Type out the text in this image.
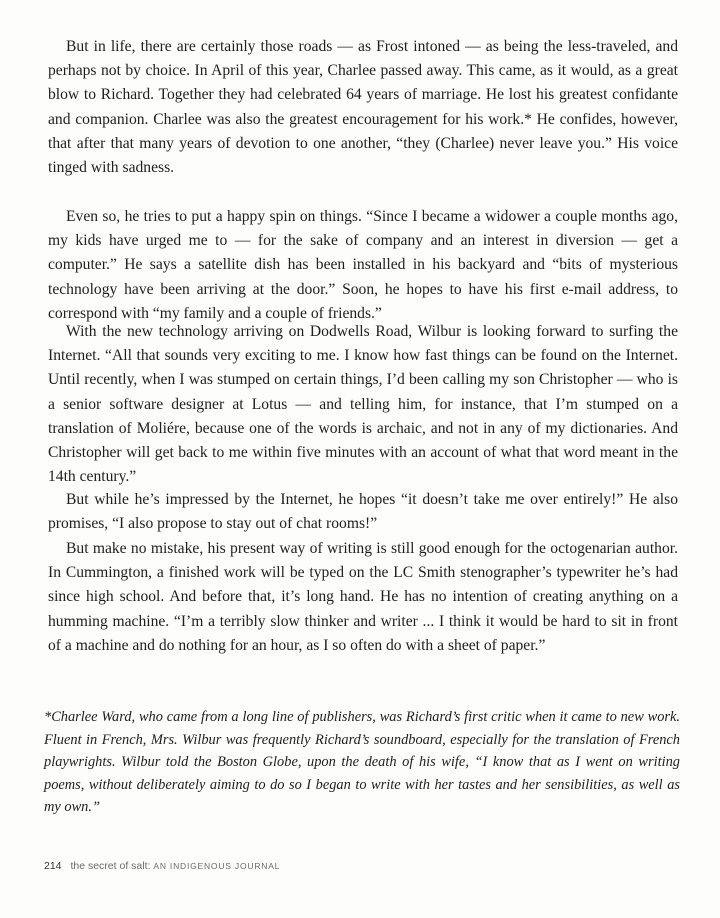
But in life, there are certainly those roads — as Frost intoned — as being the less-traveled, and perhaps not by choice. In April of this year, Charlee passed away. This came, as it would, as a great blow to Richard. Together they had celebrated 64 years of marriage. He lost his greatest confidante and companion. Charlee was also the greatest encouragement for his work.* He confides, however, that after that many years of devotion to one another, “they (Charlee) never leave you.” His voice tinged with sadness.

Even so, he tries to put a happy spin on things. “Since I became a widower a couple months ago, my kids have urged me to — for the sake of company and an interest in diversion — get a computer.” He says a satellite dish has been installed in his backyard and “bits of mysterious technology have been arriving at the door.” Soon, he hopes to have his first e-mail address, to correspond with “my family and a couple of friends.”

With the new technology arriving on Dodwells Road, Wilbur is looking forward to surfing the Internet. “All that sounds very exciting to me. I know how fast things can be found on the Internet. Until recently, when I was stumped on certain things, I’d been calling my son Christopher — who is a senior software designer at Lotus — and telling him, for instance, that I’m stumped on a translation of Moliére, because one of the words is archaic, and not in any of my dictionaries. And Christopher will get back to me within five minutes with an account of what that word meant in the 14th century.”

But while he’s impressed by the Internet, he hopes “it doesn’t take me over entirely!” He also promises, “I also propose to stay out of chat rooms!”

But make no mistake, his present way of writing is still good enough for the octogenarian author. In Cummington, a finished work will be typed on the LC Smith stenographer’s typewriter he’s had since high school. And before that, it’s long hand. He has no intention of creating anything on a humming machine. “I’m a terribly slow thinker and writer ... I think it would be hard to sit in front of a machine and do nothing for an hour, as I so often do with a sheet of paper.”

*Charlee Ward, who came from a long line of publishers, was Richard’s first critic when it came to new work. Fluent in French, Mrs. Wilbur was frequently Richard’s soundboard, especially for the translation of French playwrights. Wilbur told the Boston Globe, upon the death of his wife, “I know that as I went on writing poems, without deliberately aiming to do so I began to write with her tastes and her sensibilities, as well as my own.”

214 the secret of salt: AN INDIGENOUS JOURNAL
